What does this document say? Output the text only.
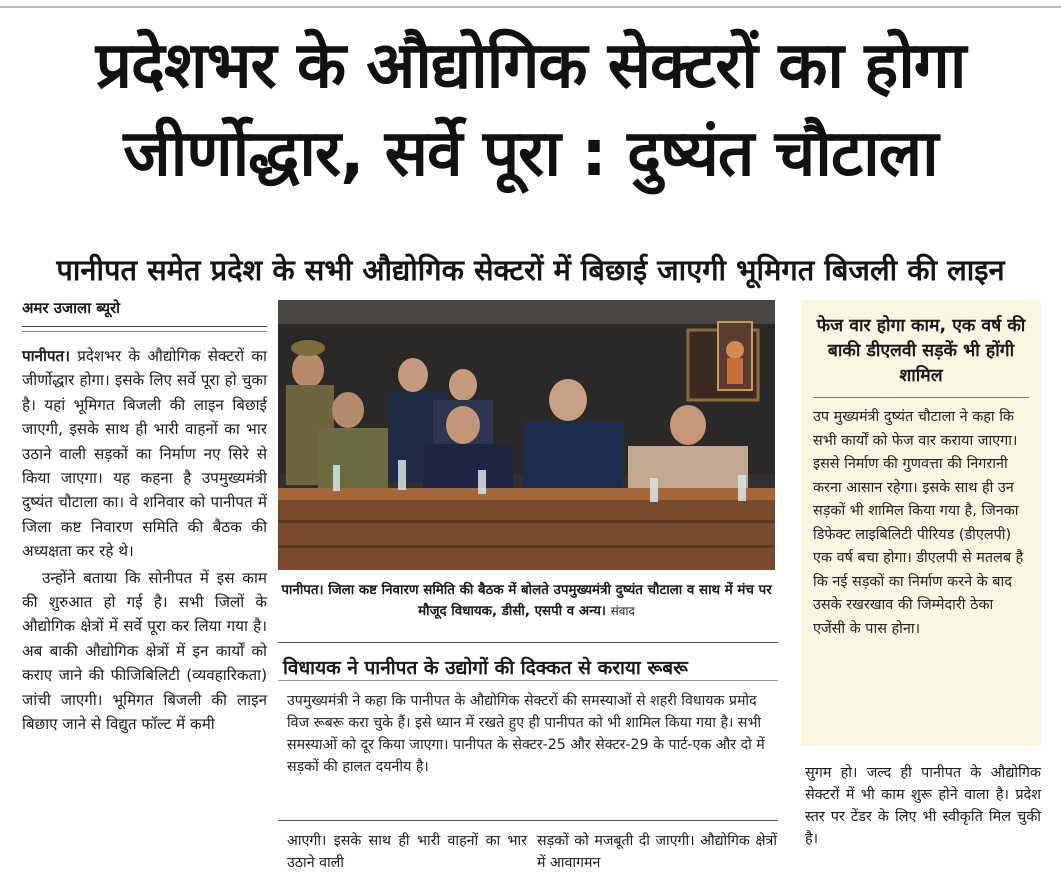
प्रदेशभर के औद्योगिक सेक्टरों का होगा
जीर्णोद्धार, सर्वे पूरा : दुष्यंत चौटाला
पानीपत समेत प्रदेश के सभी औद्योगिक सेक्टरों में बिछाई जाएगी भूमिगत बिजली की लाइन
अमर उजाला ब्यूरो

पानीपत। प्रदेशभर के औद्योगिक सेक्टरों का जीर्णोद्धार होगा। इसके लिए सर्वे पूरा हो चुका है। यहां भूमिगत बिजली की लाइन बिछाई जाएगी, इसके साथ ही भारी वाहनों का भार उठाने वाली सड़कों का निर्माण नए सिरे से किया जाएगा। यह कहना है उपमुख्यमंत्री दुष्यंत चौटाला का। वे शनिवार को पानीपत में जिला कष्ट निवारण समिति की बैठक की अध्यक्षता कर रहे थे।

उन्होंने बताया कि सोनीपत में इस काम की शुरुआत हो गई है। सभी जिलों के औद्योगिक क्षेत्रों में सर्वे पूरा कर लिया गया है। अब बाकी औद्योगिक क्षेत्रों में इन कार्यों को कराए जाने की फीजिबिलिटी (व्यवहारिकता) जांची जाएगी। भूमिगत बिजली की लाइन बिछाए जाने से विद्युत फॉल्ट में कमी

पानीपत। जिला कष्ट निवारण समिति की बैठक में बोलते उपमुख्यमंत्री दुष्यंत चौटाला व साथ में मंच पर मौजूद विधायक, डीसी, एसपी व अन्य। संवाद
विधायक ने पानीपत के उद्योगों की दिक्कत से कराया रूबरू

उपमुख्यमंत्री ने कहा कि पानीपत के औद्योगिक सेक्टरों की समस्याओं से शहरी विधायक प्रमोद विज रूबरू करा चुके हैं। इसे ध्यान में रखते हुए ही पानीपत को भी शामिल किया गया है। सभी समस्याओं को दूर किया जाएगा। पानीपत के सेक्टर-25 और सेक्टर-29 के पार्ट-एक और दो में सड़कों की हालत दयनीय है।

आएगी। इसके साथ ही भारी वाहनों का भार उठाने वाली

सड़कों को मजबूती दी जाएगी। औद्योगिक क्षेत्रों में आवागमन

फेज वार होगा काम, एक वर्ष की बाकी डीएलवी सड़कें भी होंगी शामिल

उप मुख्यमंत्री दुष्यंत चौटाला ने कहा कि सभी कार्यों को फेज वार कराया जाएगा। इससे निर्माण की गुणवत्ता की निगरानी करना आसान रहेगा। इसके साथ ही उन सड़कों भी शामिल किया गया है, जिनका डिफेक्ट लाइबिलिटी पीरियड (डीएलपी) एक वर्ष बचा होगा। डीएलपी से मतलब है कि नई सड़कों का निर्माण करने के बाद उसके रखरखाव की जिम्मेदारी ठेका एजेंसी के पास होना।

सुगम हो। जल्द ही पानीपत के औद्योगिक सेक्टरों में भी काम शुरू होने वाला है। प्रदेश स्तर पर टेंडर के लिए भी स्वीकृति मिल चुकी है।
